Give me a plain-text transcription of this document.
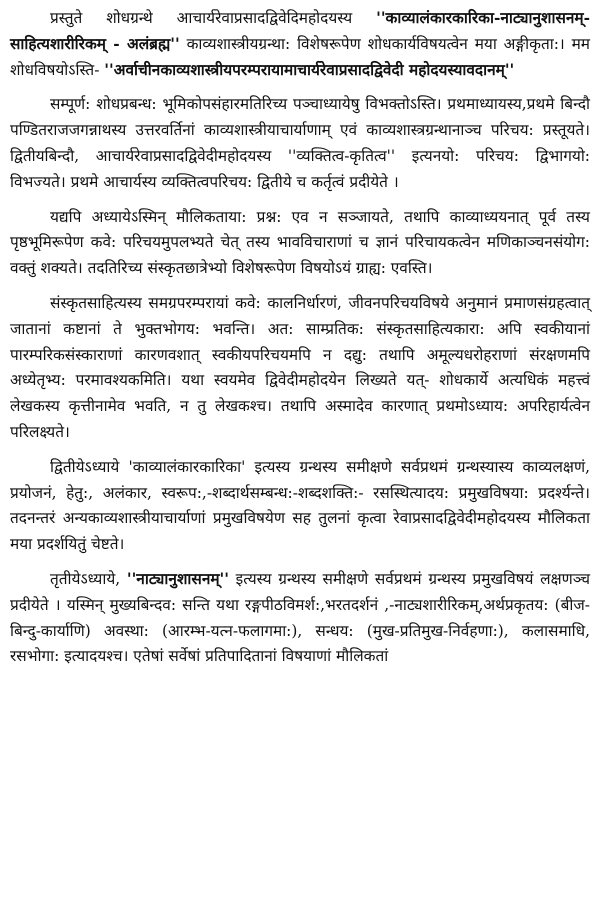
प्रस्तुते शोधग्रन्थे आचार्यरेवाप्रसादद्विवेदिमहोदयस्य ''काव्यालंकारकारिका-नाट्यानुशासनम्-साहित्यशारीरिकम् - अलंब्रह्म'' काव्यशास्त्रीयग्रन्था: विशेषरूपेण शोधकार्यविषयत्वेन मया अङ्गीकृता:। मम शोधविषयोऽस्ति- ''अर्वाचीनकाव्यशास्त्रीयपरम्परायामाचार्यरेवाप्रसादद्विवेदी महोदयस्यावदानम्''

सम्पूर्ण: शोधप्रबन्ध: भूमिकोपसंहारमतिरिच्य पञ्चाध्यायेषु विभक्तोऽस्ति। प्रथमाध्यायस्य,प्रथमे बिन्दौ पण्डितराजजगन्नाथस्य उत्तरवर्तिनां काव्यशास्त्रीयाचार्याणाम् एवं काव्यशास्त्रग्रन्थानाञ्च परिचय: प्रस्तूयते। द्वितीयबिन्दौ, आचार्यरेवाप्रसादद्विवेदीमहोदयस्य ''व्यक्तित्व-कृतित्व'' इत्यनयो: परिचय: द्विभागयो: विभज्यते। प्रथमे आचार्यस्य व्यक्तित्वपरिचय: द्वितीये च कर्तृत्वं प्रदीयेते ।

यद्यपि अध्यायेऽस्मिन् मौलिकताया: प्रश्न: एव न सञ्जायते, तथापि काव्याध्ययनात् पूर्व तस्य पृष्ठभूमिरूपेण कवे: परिचयमुपलभ्यते चेत् तस्य भावविचाराणां च ज्ञानं परिचायकत्वेन मणिकाञ्चनसंयोग: वक्तुं शक्यते। तदतिरिच्य संस्कृतछात्रेभ्यो विशेषरूपेण विषयोऽयं ग्राह्य: एवस्ति।

संस्कृतसाहित्यस्य समग्रपरम्परायां कवे: कालनिर्धारणं, जीवनपरिचयविषये अनुमानं प्रमाणसंग्रहत्वात् जातानां कष्टानां ते भुक्तभोगय: भवन्ति। अत: साम्प्रतिक: संस्कृतसाहित्यकारा: अपि स्वकीयानां पारम्परिकसंस्काराणां कारणवशात् स्वकीयपरिचयमपि न दद्यु: तथापि अमूल्यधरोहराणां संरक्षणमपि अध्येतृभ्य: परमावश्यकमिति। यथा स्वयमेव द्विवेदीमहोदयेन लिख्यते यत्- शोधकार्ये अत्यधिकं महत्त्वं लेखकस्य कृत्तीनामेव भवति, न तु लेखकश्च। तथापि अस्मादेव कारणात् प्रथमोऽध्याय: अपरिहार्यत्वेन परिलक्ष्यते।

द्वितीयेऽध्याये 'काव्यालंकारकारिका' इत्यस्य ग्रन्थस्य समीक्षणे सर्वप्रथमं ग्रन्थस्यास्य काव्यलक्षणं, प्रयोजनं, हेतु:, अलंकार, स्वरूप:,-शब्दार्थसम्बन्ध:-शब्दशक्ति:- रसस्थित्यादय: प्रमुखविषया: प्रदर्श्यन्ते। तदनन्तरं अन्यकाव्यशास्त्रीयाचार्याणां प्रमुखविषयेण सह तुलनां कृत्वा रेवाप्रसादद्विवेदीमहोदयस्य मौलिकता मया प्रदर्शयितुं चेष्टते।

तृतीयेऽध्याये, ''नाट्यानुशासनम्'' इत्यस्य ग्रन्थस्य समीक्षणे सर्वप्रथमं ग्रन्थस्य प्रमुखविषयं लक्षणञ्च प्रदीयेते । यस्मिन् मुख्यबिन्दव: सन्ति यथा रङ्गपीठविमर्श:,भरतदर्शनं ,-नाट्यशारीरिकम्,अर्थप्रकृतय: (बीज-बिन्दु-कार्याणि) अवस्था: (आरम्भ-यत्न-फलागमा:), सन्धय: (मुख-प्रतिमुख-निर्वहणा:), कलासमाधि, रसभोगा: इत्यादयश्च। एतेषां सर्वेषां प्रतिपादितानां विषयाणां मौलिकतां
